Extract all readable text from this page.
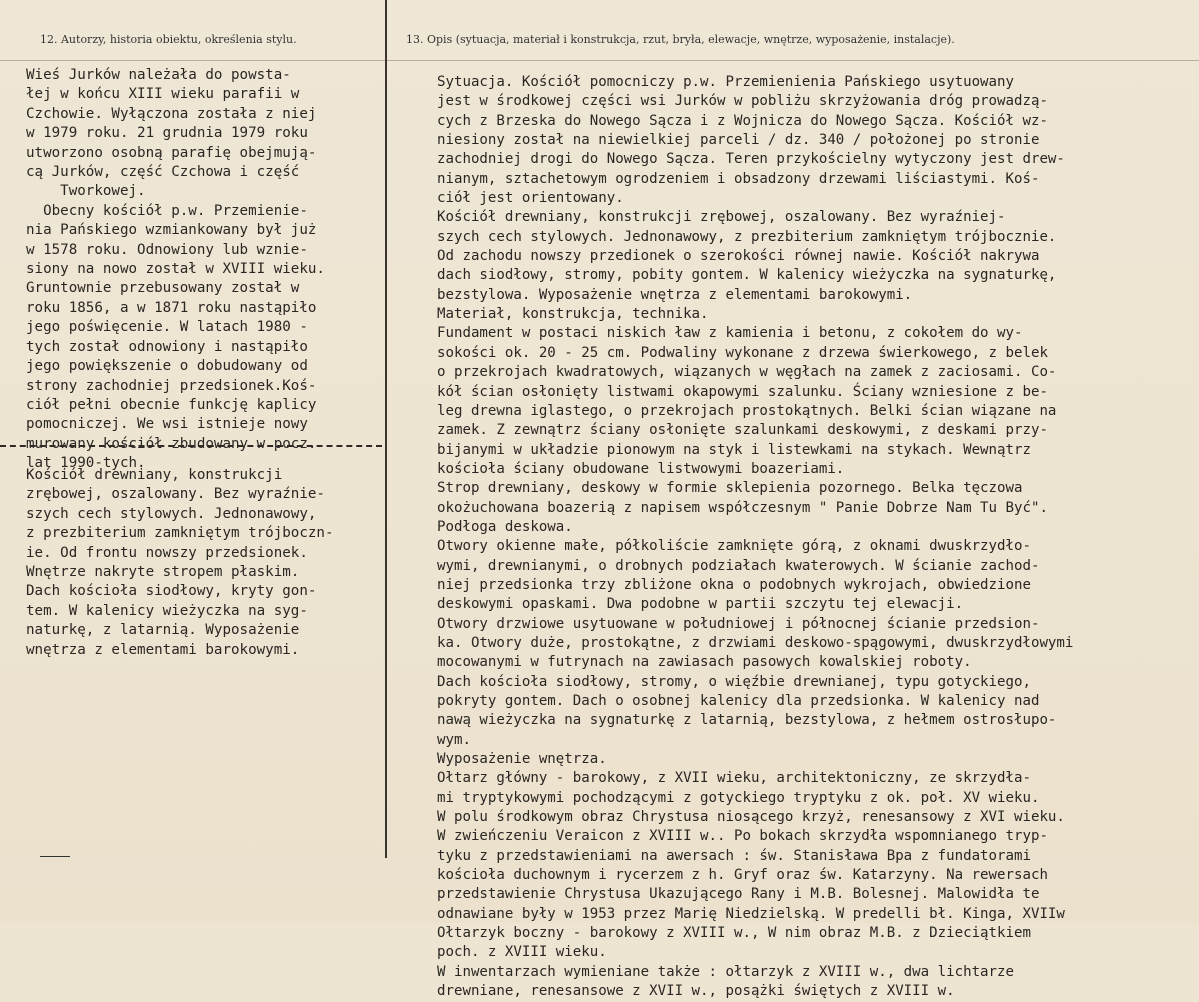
12. Autorzy, historia obiektu, określenia stylu.	13. Opis (sytuacja, materiał i konstrukcja, rzut, bryła, elewacje, wnętrze, wyposażenie, instalacje).
Wieś Jurków należała do powsta-
łej w końcu XIII wieku parafii w
Czchowie. Wyłączona została z niej
w 1979 roku. 21 grudnia 1979 roku
utworzono osobną parafię obejmują-
cą Jurków, część Czchowa i część
Tworkowej.
Obecny kościół p.w. Przemienie-
nia Pańskiego wzmiankowany był już
w 1578 roku. Odnowiony lub wznie-
siony na nowo został w XVIII wieku.
Gruntownie przebusowany został w
roku 1856, a w 1871 roku nastąpiło
jego poświęcenie. W latach 1980 -
tych został odnowiony i nastąpiło
jego powiększenie o dobudowany od
strony zachodniej przedsionek.Koś-
ciół pełni obecnie funkcję kaplicy
pomocniczej. We wsi istnieje nowy
murowany kościół zbudowany w pocz.
lat 1990-tych.
Kościół drewniany, konstrukcji
zrębowej, oszalowany. Bez wyraźnie-
szych cech stylowych. Jednonawowy,
z prezbiterium zamkniętym trójboczn-
ie. Od frontu nowszy przedsionek.
Wnętrze nakryte stropem płaskim.
Dach kościoła siodłowy, kryty gon-
tem. W kalenicy wieżyczka na syg-
naturkę, z latarnią. Wyposażenie
wnętrza z elementami barokowymi.
Sytuacja. Kościół pomocniczy p.w. Przemienienia Pańskiego usytuowany
jest w środkowej części wsi Jurków w pobliżu skrzyżowania dróg prowadzą-
cych z Brzeska do Nowego Sącza i z Wojnicza do Nowego Sącza. Kościół wz-
niesiony został na niewielkiej parceli / dz. 340 / położonej po stronie
zachodniej drogi do Nowego Sącza. Teren przykościelny wytyczony jest drew-
nianym, sztachetowym ogrodzeniem i obsadzony drzewami liściastymi. Koś-
ciół jest orientowany.
Kościół drewniany, konstrukcji zrębowej, oszalowany. Bez wyraźniej-
szych cech stylowych. Jednonawowy, z prezbiterium zamkniętym trójbocznie.
Od zachodu nowszy przedionek o szerokości równej nawie. Kościół nakrywa
dach siodłowy, stromy, pobity gontem. W kalenicy wieżyczka na sygnaturkę,
bezstylowa. Wyposażenie wnętrza z elementami barokowymi.
Materiał, konstrukcja, technika.
Fundament w postaci niskich ław z kamienia i betonu, z cokołem do wy-
sokości ok. 20 - 25 cm. Podwaliny wykonane z drzewa świerkowego, z belek
o przekrojach kwadratowych, wiązanych w węgłach na zamek z zaciosami. Co-
kół ścian osłonięty listwami okapowymi szalunku. Ściany wzniesione z be-
leg drewna iglastego, o przekrojach prostokątnych. Belki ścian wiązane na
zamek. Z zewnątrz ściany osłonięte szalunkami deskowymi, z deskami przy-
bijanymi w układzie pionowym na styk i listewkami na stykach. Wewnątrz
kościoła ściany obudowane listwowymi boazeriami.
Strop drewniany, deskowy w formie sklepienia pozornego. Belka tęczowa
okożuchowana boazerią z napisem współczesnym " Panie Dobrze Nam Tu Być".
Podłoga deskowa.
Otwory okienne małe, półkoliście zamknięte górą, z oknami dwuskrzydło-
wymi, drewnianymi, o drobnych podziałach kwaterowych. W ścianie zachod-
niej przedsionka trzy zbliżone okna o podobnych wykrojach, obwiedzione
deskowymi opaskami. Dwa podobne w partii szczytu tej elewacji.
Otwory drzwiowe usytuowane w południowej i północnej ścianie przedsion-
ka. Otwory duże, prostokątne, z drzwiami deskowo-spągowymi, dwuskrzydłowymi
mocowanymi w futrynach na zawiasach pasowych kowalskiej roboty.
Dach kościoła siodłowy, stromy, o więźbie drewnianej, typu gotyckiego,
pokryty gontem. Dach o osobnej kalenicy dla przedsionka. W kalenicy nad
nawą wieżyczka na sygnaturkę z latarnią, bezstylowa, z hełmem ostrosłupo-
wym.
Wyposażenie wnętrza.
Ołtarz główny - barokowy, z XVII wieku, architektoniczny, ze skrzydła-
mi tryptykowymi pochodzącymi z gotyckiego tryptyku z ok. poł. XV wieku.
W polu środkowym obraz Chrystusa niosącego krzyż, renesansowy z XVI wieku.
W zwieńczeniu Veraicon z XVIII w.. Po bokach skrzydła wspomnianego tryp-
tyku z przedstawieniami na awersach : św. Stanisława Bpa z fundatorami
kościoła duchownym i rycerzem z h. Gryf oraz św. Katarzyny. Na rewersach
przedstawienie Chrystusa Ukazującego Rany i M.B. Bolesnej. Malowidła te
odnawiane były w 1953 przez Marię Niedzielską. W predelli bł. Kinga, XVIIw
Ołtarzyk boczny - barokowy z XVIII w., W nim obraz M.B. z Dzieciątkiem
poch. z XVIII wieku.
W inwentarzach wymieniane także : ołtarzyk z XVIII w., dwa lichtarze
drewniane, renesansowe z XVII w., posążki świętych z XVIII w.
